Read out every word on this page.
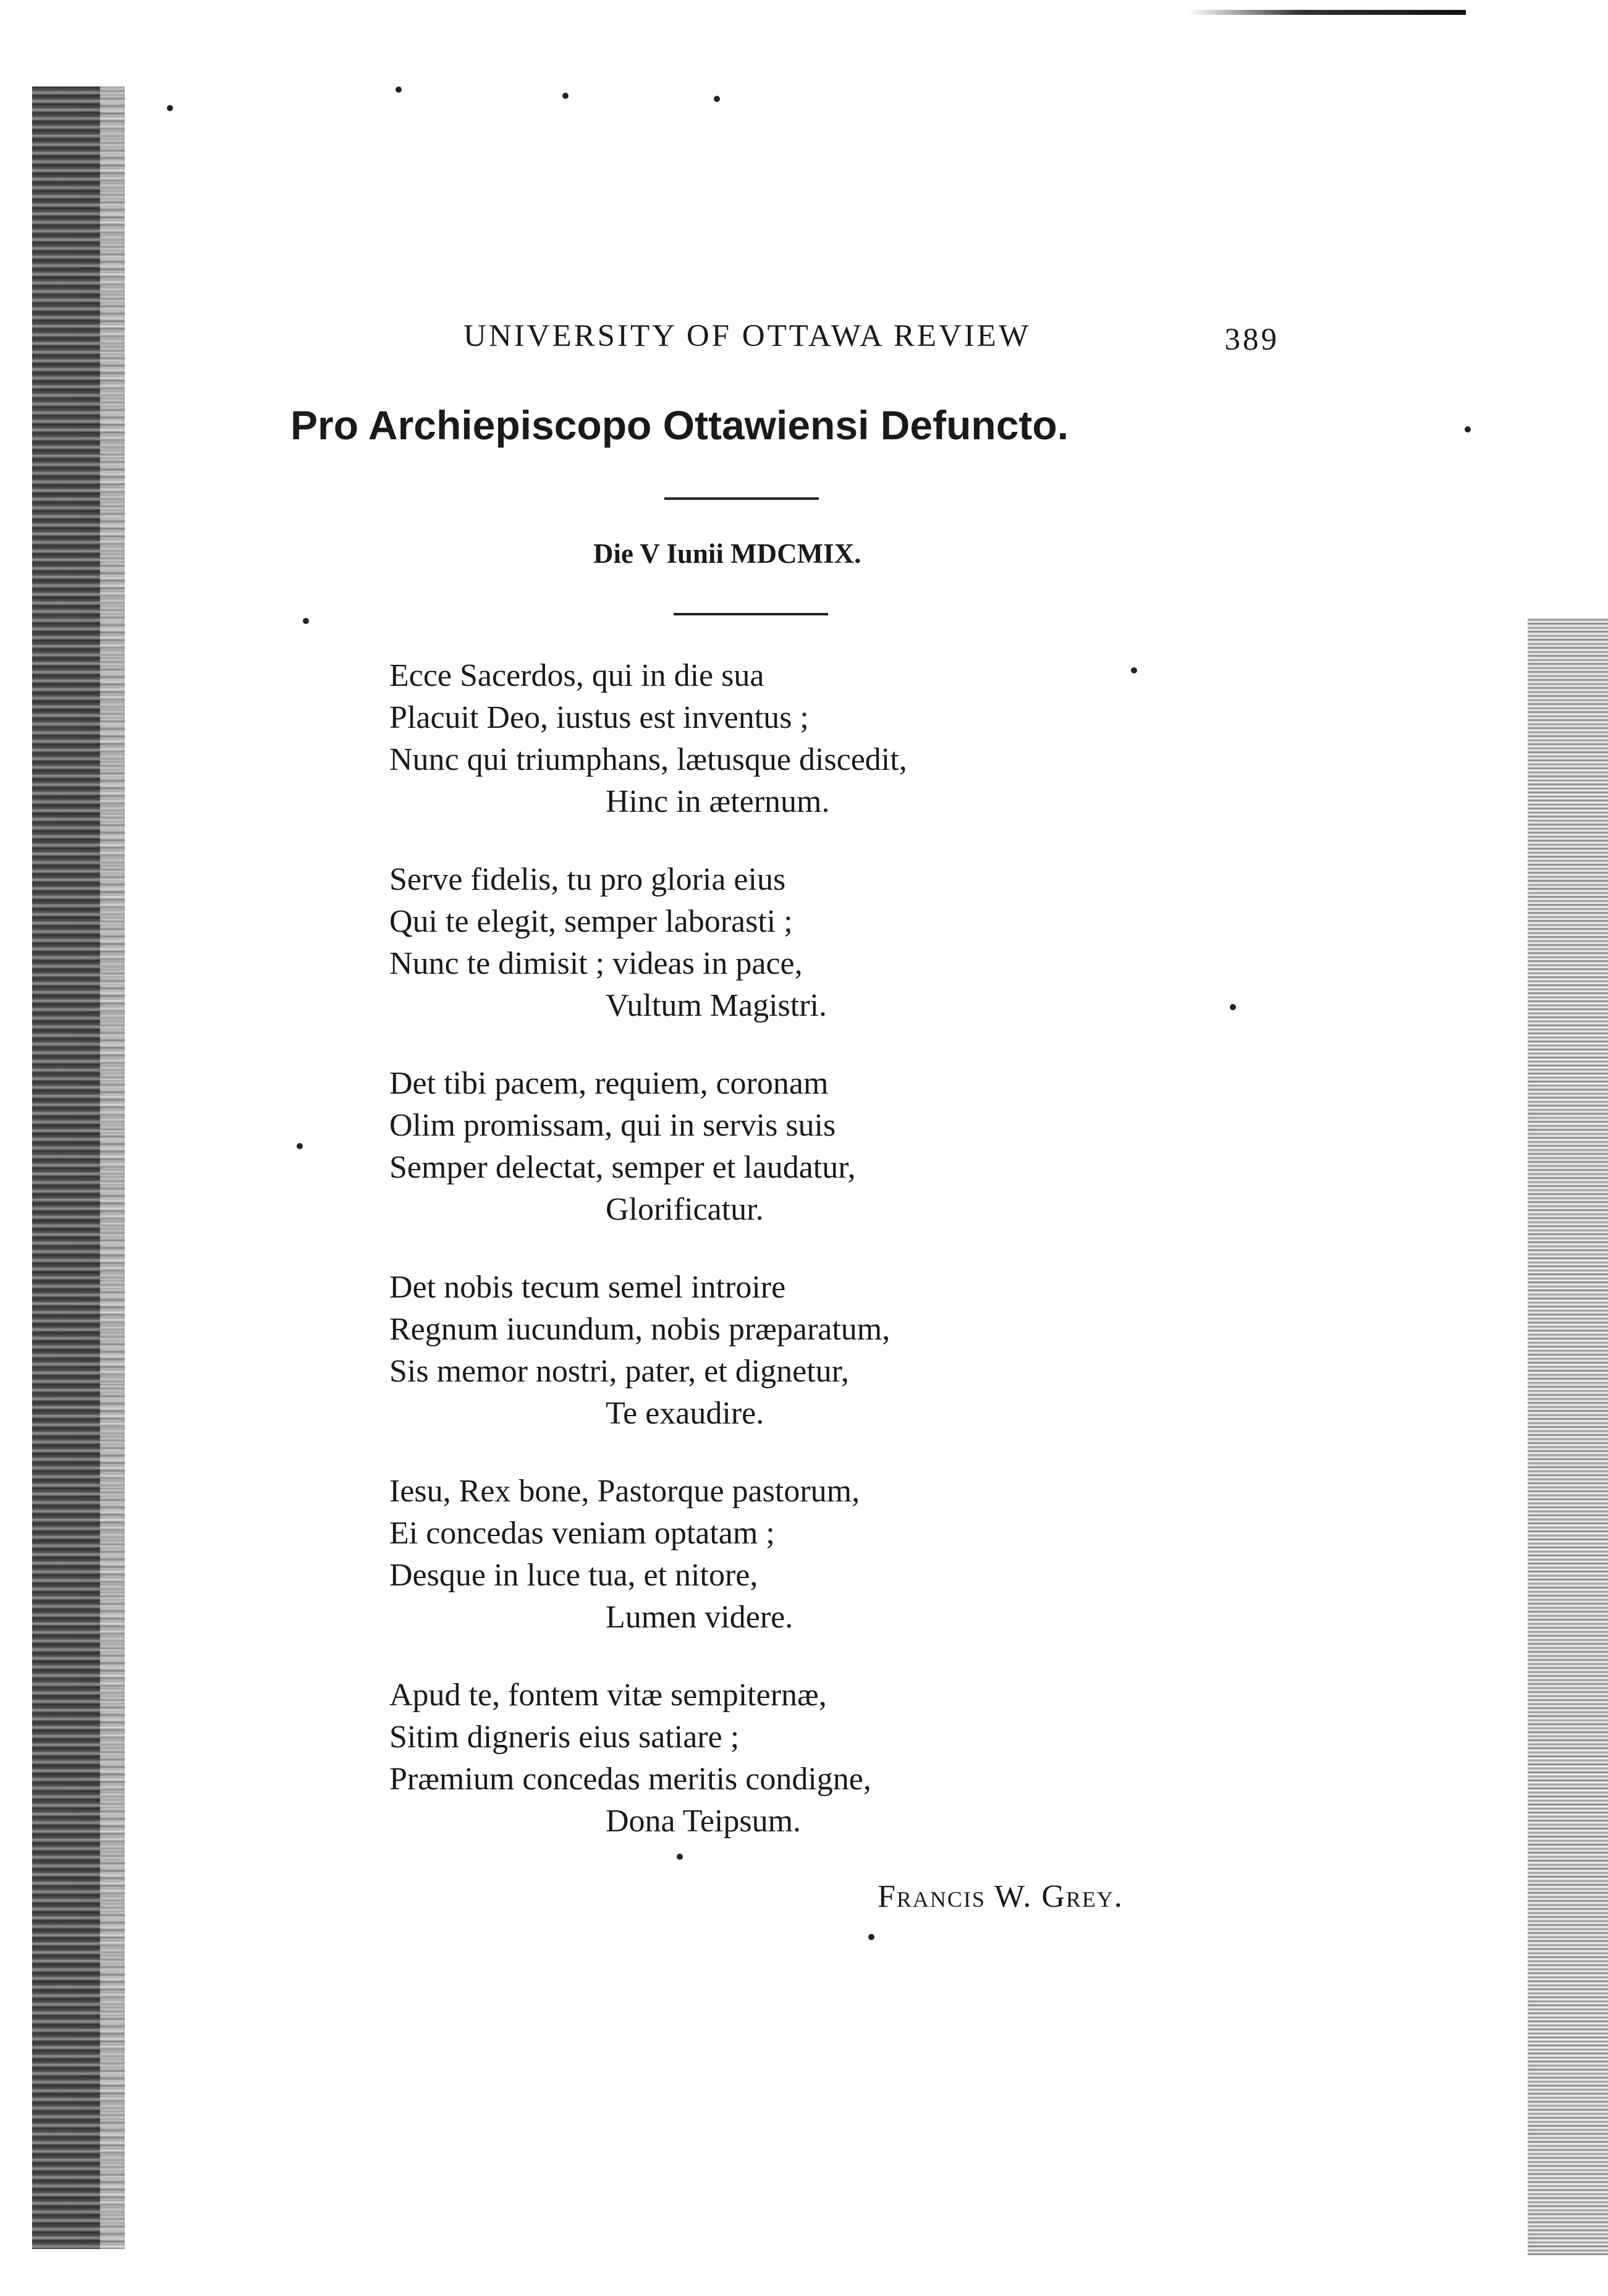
UNIVERSITY OF OTTAWA REVIEW	389
Pro Archiepiscopo Ottawiensi Defuncto.
Die V Iunii MDCMIX.
Ecce Sacerdos, qui in die sua
Placuit Deo, iustus est inventus ;
Nunc qui triumphans, lætusque discedit,
Hinc in æternum.
Serve fidelis, tu pro gloria eius
Qui te elegit, semper laborasti ;
Nunc te dimisit ; videas in pace,
Vultum Magistri.
Det tibi pacem, requiem, coronam
Olim promissam, qui in servis suis
Semper delectat, semper et laudatur,
Glorificatur.
Det nobis tecum semel introire
Regnum iucundum, nobis præparatum,
Sis memor nostri, pater, et dignetur,
Te exaudire.
Iesu, Rex bone, Pastorque pastorum,
Ei concedas veniam optatam ;
Desque in luce tua, et nitore,
Lumen videre.
Apud te, fontem vitæ sempiternæ,
Sitim digneris eius satiare ;
Præmium concedas meritis condigne,
Dona Teipsum.
Francis W. Grey.
